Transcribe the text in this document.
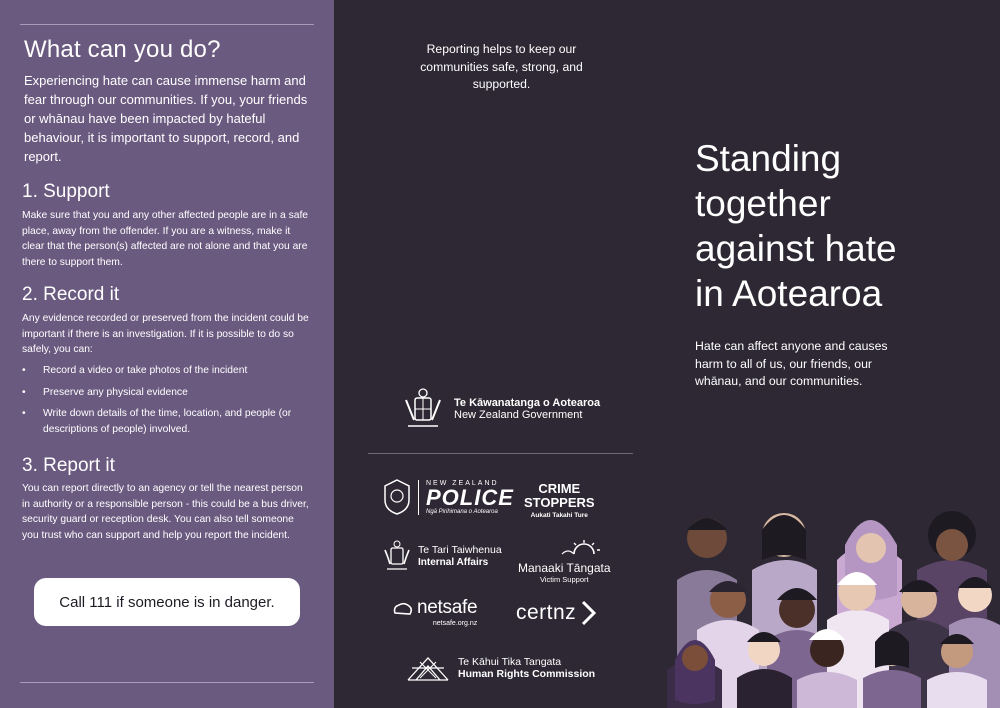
What can you do?

Experiencing hate can cause immense harm and fear through our communities. If you, your friends or whānau have been impacted by hateful behaviour, it is important to support, record, and report.

1. Support

Make sure that you and any other affected people are in a safe place, away from the offender. If you are a witness, make it clear that the person(s) affected are not alone and that you are there to support them.

2. Record it

Any evidence recorded or preserved from the incident could be important if there is an investigation. If it is possible to do so safely, you can:

• Record a video or take photos of the incident
• Preserve any physical evidence
• Write down details of the time, location, and people (or descriptions of people) involved.
3. Report it

You can report directly to an agency or tell the nearest person in authority or a responsible person - this could be a bus driver, security guard or reception desk. You can also tell someone you trust who can support and help you report the incident.

Call 111 if someone is in danger.

Reporting helps to keep our communities safe, strong, and supported.

Te Kāwanatanga o Aotearoa
New Zealand Government
NEW ZEALAND
POLICE
Ngā Pirihimana o Aotearoa
CRIME
STOPPERS
Aukati Takahi Ture
Te Tari Taiwhenua
Internal Affairs	Manaaki Tāngata
Victim Support
netsafe
netsafe.org.nz certnz
Te Kāhui Tika Tangata
Human Rights Commission
Standing
together
against hate
in Aotearoa

Hate can affect anyone and causes harm to all of us, our friends, our whānau, and our communities.
